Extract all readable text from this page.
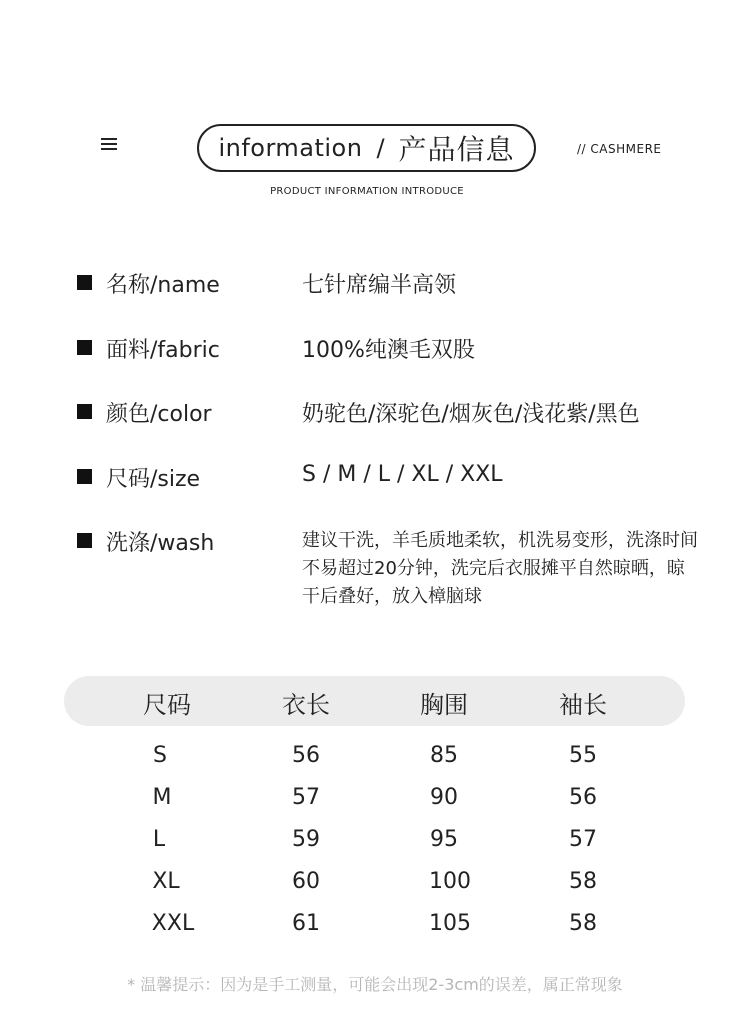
information / 产品信息	// CASHMERE
PRODUCT INFORMATION INTRODUCE
名称/name	七针席编半高领
面料/fabric	100%纯澳毛双股
颜色/color	奶驼色/深驼色/烟灰色/浅花紫/黑色
尺码/size	S / M / L / XL / XXL
洗涤/wash	建议干洗，羊毛质地柔软，机洗易变形，洗涤时间不易超过20分钟，洗完后衣服摊平自然晾晒，晾干后叠好，放入樟脑球
尺码	衣长	胸围	袖长
S	56	85	55
M	57	90	56
L	59	95	57
XL	60	100	58
XXL	61	105	58
* 温馨提示：因为是手工测量，可能会出现2-3cm的误差，属正常现象
